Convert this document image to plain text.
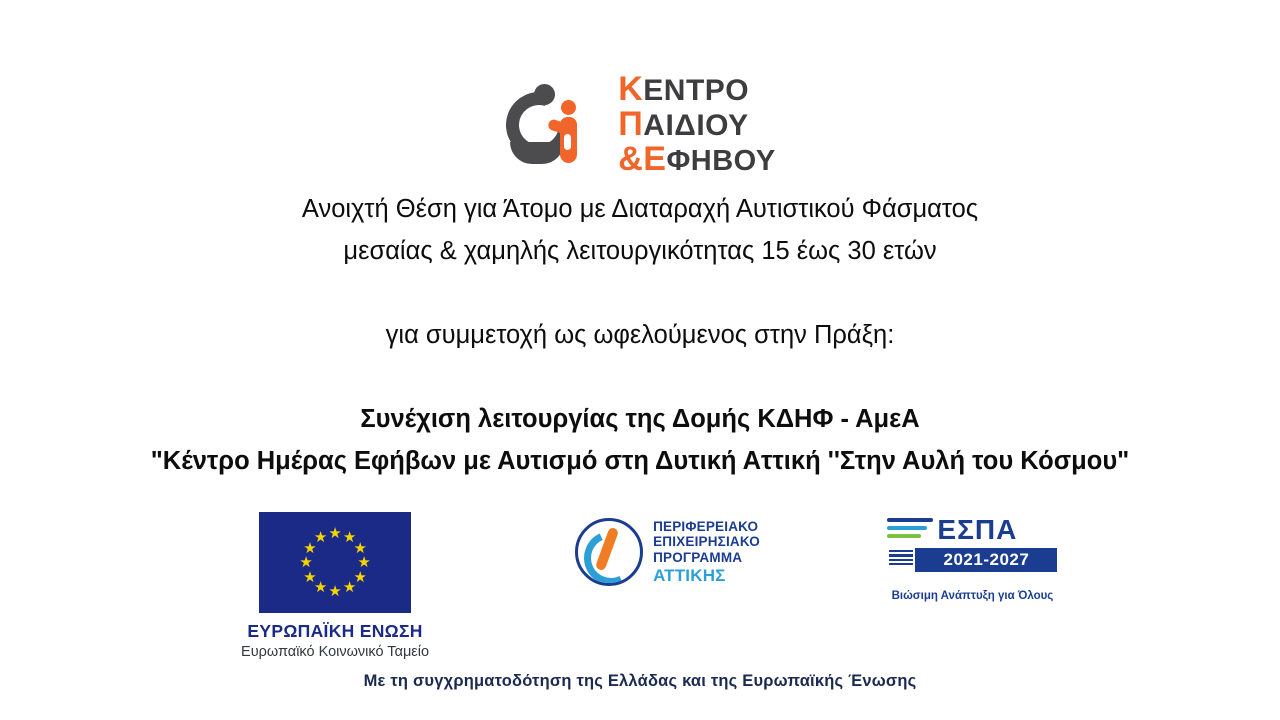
ΚΕΝΤΡΟ
ΠΑΙΔΙΟΥ
&ΕΦΗΒΟΥ
Ανοιχτή Θέση για Άτομο με Διαταραχή Αυτιστικού Φάσματος
μεσαίας & χαμηλής λειτουργικότητας 15 έως 30 ετών
για συμμετοχή ως ωφελούμενος στην Πράξη:
Συνέχιση λειτουργίας της Δομής ΚΔΗΦ - ΑμεΑ
"Κέντρο Ημέρας Εφήβων με Αυτισμό στη Δυτική Αττική ''Στην Αυλή του Κόσμου"
★ ★
★
★
★
★
★
★
★
★
★
★
ΕΥΡΩΠΑΪΚΗ ΕΝΩΣΗ
Ευρωπαϊκό Κοινωνικό Ταμείο
ΠΕΡΙΦΕΡΕΙΑΚΟ
ΕΠΙΧΕΙΡΗΣΙΑΚΟ
ΠΡΟΓΡΑΜΜΑ
ΑΤΤΙΚΗΣ
ΕΣΠΑ
2021-2027
Βιώσιμη Ανάπτυξη για Όλους
Με τη συγχρηματοδότηση της Ελλάδας και της Ευρωπαϊκής Ένωσης
